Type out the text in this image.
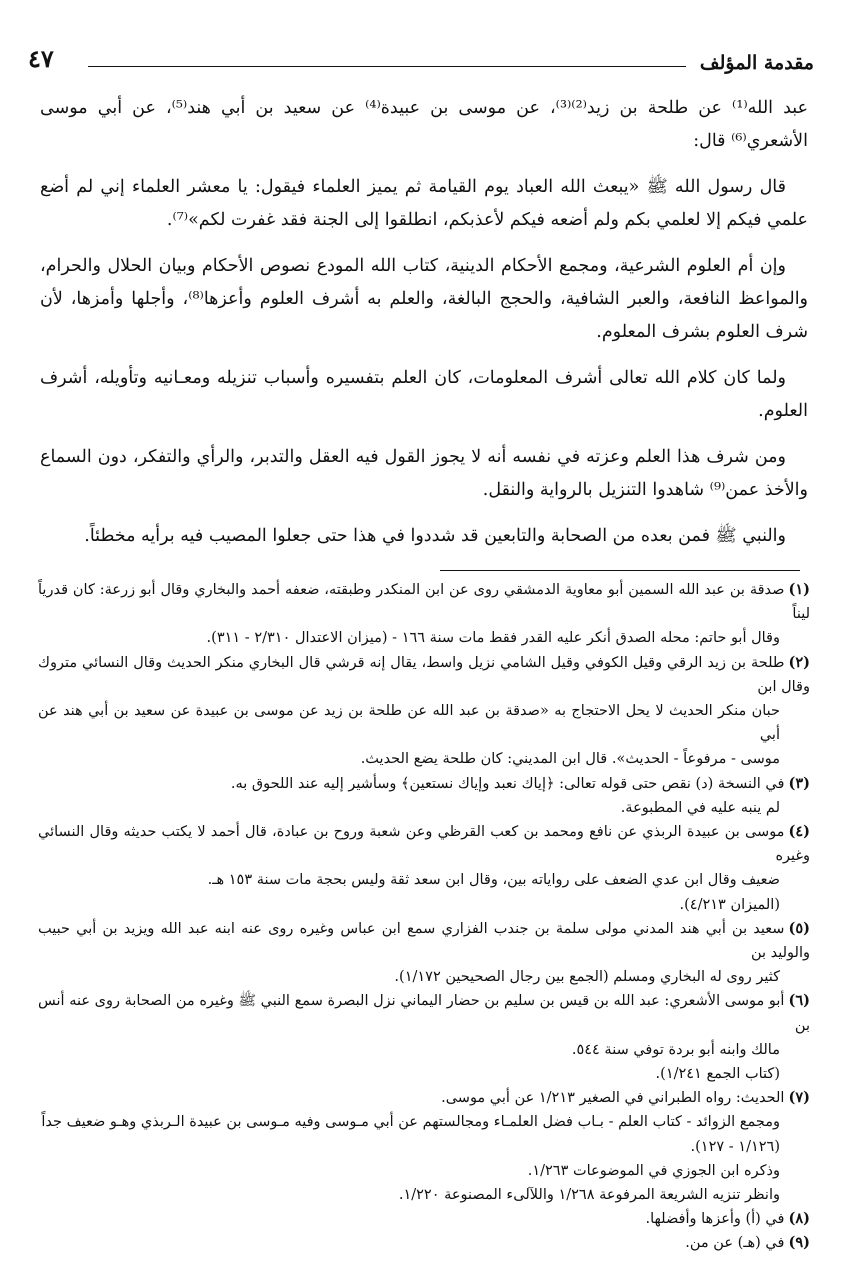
مقدمة المؤلف
٤٧

عبد الله⁽¹⁾ عن طلحة بن زيد⁽²⁾⁽³⁾، عن موسى بن عبيدة⁽⁴⁾ عن سعيد بن أبي هند⁽⁵⁾، عن أبي موسى الأشعري⁽⁶⁾ قال:

قال رسول الله ﷺ «يبعث الله العباد يوم القيامة ثم يميز العلماء فيقول: يا معشر العلماء إني لم أضع علمي فيكم إلا لعلمي بكم ولم أضعه فيكم لأعذبكم، انطلقوا إلى الجنة فقد غفرت لكم»⁽⁷⁾.

وإن أم العلوم الشرعية، ومجمع الأحكام الدينية، كتاب الله المودع نصوص الأحكام وبيان الحلال والحرام، والمواعظ النافعة، والعبر الشافية، والحجج البالغة، والعلم به أشرف العلوم وأعزها⁽⁸⁾، وأجلها وأمزها، لأن شرف العلوم بشرف المعلوم.

ولما كان كلام الله تعالى أشرف المعلومات، كان العلم بتفسيره وأسباب تنزيله ومعـانيه وتأويله، أشرف العلوم.

ومن شرف هذا العلم وعزته في نفسه أنه لا يجوز القول فيه العقل والتدبر، والرأي والتفكر، دون السماع والأخذ عمن⁽⁹⁾ شاهدوا التنزيل بالرواية والنقل.

والنبي ﷺ فمن بعده من الصحابة والتابعين قد شددوا في هذا حتى جعلوا المصيب فيه برأيه مخطئاً.

(١)صدقة بن عبد الله السمين أبو معاوية الدمشقي روى عن ابن المنكدر وطبقته، ضعفه أحمد والبخاري وقال أبو زرعة: كان قدرياً ليناً
وقال أبو حاتم: محله الصدق أنكر عليه القدر فقط مات سنة ١٦٦ - (ميزان الاعتدال ٢/٣١٠ - ٣١١).
(٢)طلحة بن زيد الرقي وقيل الكوفي وقيل الشامي نزيل واسط، يقال إنه قرشي قال البخاري منكر الحديث وقال النسائي متروك وقال ابن
حبان منكر الحديث لا يحل الاحتجاج به «صدقة بن عبد الله عن طلحة بن زيد عن موسى بن عبيدة عن سعيد بن أبي هند عن أبي
موسى - مرفوعاً - الحديث». قال ابن المديني: كان طلحة يضع الحديث.
(٣)في النسخة (د) نقص حتى قوله تعالى: ﴿إياك نعبد وإياك نستعين﴾ وسأشير إليه عند اللحوق به.
لم ينبه عليه في المطبوعة.
(٤)موسى بن عبيدة الربذي عن نافع ومحمد بن كعب القرظي وعن شعبة وروح بن عبادة، قال أحمد لا يكتب حديثه وقال النسائي وغيره
ضعيف وقال ابن عدي الضعف على رواياته بين، وقال ابن سعد ثقة وليس بحجة مات سنة ١٥٣ هـ.
(الميزان ٤/٢١٣).
(٥)سعيد بن أبي هند المدني مولى سلمة بن جندب الفزاري سمع ابن عباس وغيره روى عنه ابنه عبد الله ويزيد بن أبي حبيب والوليد بن
كثير روى له البخاري ومسلم (الجمع بين رجال الصحيحين ١/١٧٢).
(٦)أبو موسى الأشعري: عبد الله بن قيس بن سليم بن حضار اليماني نزل البصرة سمع النبي ﷺ وغيره من الصحابة روى عنه أنس بن
مالك وابنه أبو بردة توفي سنة ٥٤٤.
(كتاب الجمع ١/٢٤١).
(٧)الحديث: رواه الطبراني في الصغير ١/٢١٣ عن أبي موسى.
ومجمع الزوائد - كتاب العلم - بـاب فضل العلمـاء ومجالستهم عن أبي مـوسى وفيه مـوسى بن عبيدة الـربذي وهـو ضعيف جداً
(١/١٢٦ - ١٢٧).
وذكره ابن الجوزي في الموضوعات ١/٢٦٣.
وانظر تنزيه الشريعة المرفوعة ١/٢٦٨ واللآلىء المصنوعة ١/٢٢٠.
(٨)في (أ) وأعزها وأفضلها.
(٩)في (هـ) عن من.
